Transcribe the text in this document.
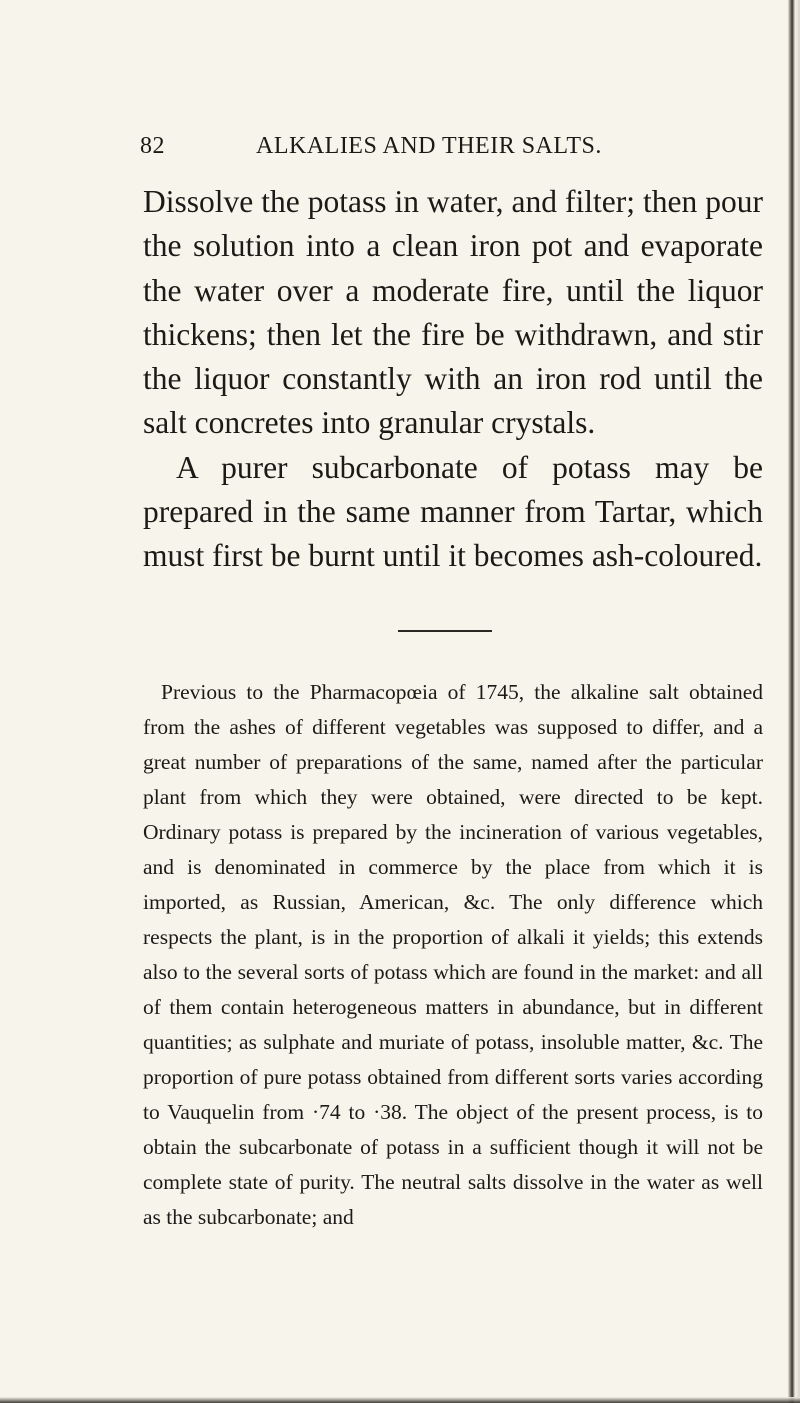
82	ALKALIES AND THEIR SALTS.

Dissolve the potass in water, and filter; then pour the solution into a clean iron pot and evaporate the water over a moderate fire, until the liquor thickens; then let the fire be withdrawn, and stir the liquor constantly with an iron rod until the salt concretes into granular crystals.

A purer subcarbonate of potass may be prepared in the same manner from Tartar, which must first be burnt until it becomes ash-coloured.

Previous to the Pharmacopœia of 1745, the alkaline salt obtained from the ashes of different vegetables was supposed to differ, and a great number of preparations of the same, named after the particular plant from which they were obtained, were directed to be kept. Ordinary potass is prepared by the incineration of various vegetables, and is denominated in commerce by the place from which it is imported, as Russian, American, &c. The only difference which respects the plant, is in the proportion of alkali it yields; this extends also to the several sorts of potass which are found in the market: and all of them contain heterogeneous matters in abundance, but in different quantities; as sulphate and muriate of potass, insoluble matter, &c. The proportion of pure potass obtained from different sorts varies according to Vauquelin from ·74 to ·38. The object of the present process, is to obtain the subcarbonate of potass in a sufficient though it will not be complete state of purity. The neutral salts dissolve in the water as well as the subcarbonate; and
